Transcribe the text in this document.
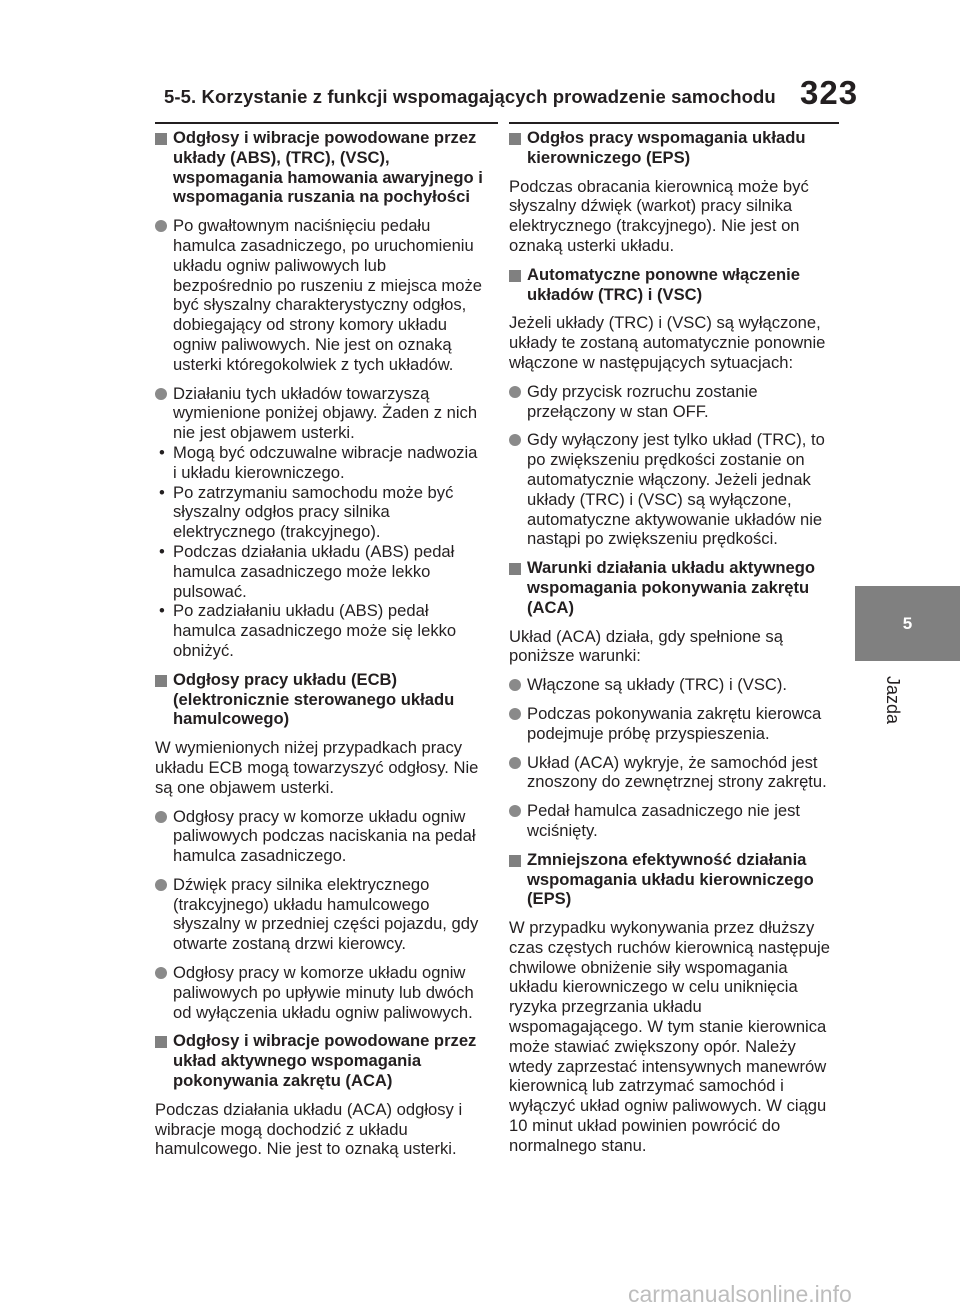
5-5. Korzystanie z funkcji wspomagających prowadzenie samochodu 323
5
Jazda
Odgłosy i wibracje powodowane przez układy (ABS), (TRC), (VSC), wspomagania hamowania awaryjnego i wspomagania ruszania na pochyłości
Po gwałtownym naciśnięciu pedału hamulca zasadniczego, po uruchomieniu układu ogniw paliwowych lub bezpośrednio po ruszeniu z miejsca może być słyszalny charakterystyczny odgłos, dobiegający od strony komory układu ogniw paliwowych. Nie jest on oznaką usterki któregokolwiek z tych układów.
Działaniu tych układów towarzyszą wymienione poniżej objawy. Żaden z nich nie jest objawem usterki.
• Mogą być odczuwalne wibracje nadwozia i układu kierowniczego.
• Po zatrzymaniu samochodu może być słyszalny odgłos pracy silnika elektrycznego (trakcyjnego).
• Podczas działania układu (ABS) pedał hamulca zasadniczego może lekko pulsować.
• Po zadziałaniu układu (ABS) pedał hamulca zasadniczego może się lekko obniżyć.
Odgłosy pracy układu (ECB) (elektronicznie sterowanego układu hamulcowego)
W wymienionych niżej przypadkach pracy układu ECB mogą towarzyszyć odgłosy. Nie są one objawem usterki.
Odgłosy pracy w komorze układu ogniw paliwowych podczas naciskania na pedał hamulca zasadniczego.
Dźwięk pracy silnika elektrycznego (trakcyjnego) układu hamulcowego słyszalny w przedniej części pojazdu, gdy otwarte zostaną drzwi kierowcy.
Odgłosy pracy w komorze układu ogniw paliwowych po upływie minuty lub dwóch od wyłączenia układu ogniw paliwowych.
Odgłosy i wibracje powodowane przez układ aktywnego wspomagania pokonywania zakrętu (ACA)
Podczas działania układu (ACA) odgłosy i wibracje mogą dochodzić z układu hamulcowego. Nie jest to oznaką usterki.
Odgłos pracy wspomagania układu kierowniczego (EPS)
Podczas obracania kierownicą może być słyszalny dźwięk (warkot) pracy silnika elektrycznego (trakcyjnego). Nie jest on oznaką usterki układu.
Automatyczne ponowne włączenie układów (TRC) i (VSC)
Jeżeli układy (TRC) i (VSC) są wyłączone, układy te zostaną automatycznie ponownie włączone w następujących sytuacjach:
Gdy przycisk rozruchu zostanie przełączony w stan OFF.
Gdy wyłączony jest tylko układ (TRC), to po zwiększeniu prędkości zostanie on automatycznie włączony. Jeżeli jednak układy (TRC) i (VSC) są wyłączone, automatyczne aktywowanie układów nie nastąpi po zwiększeniu prędkości.
Warunki działania układu aktywnego wspomagania pokonywania zakrętu (ACA)
Układ (ACA) działa, gdy spełnione są poniższe warunki:
Włączone są układy (TRC) i (VSC).
Podczas pokonywania zakrętu kierowca podejmuje próbę przyspieszenia.
Układ (ACA) wykryje, że samochód jest znoszony do zewnętrznej strony zakrętu.
Pedał hamulca zasadniczego nie jest wciśnięty.
Zmniejszona efektywność działania wspomagania układu kierowniczego (EPS)
W przypadku wykonywania przez dłuższy czas częstych ruchów kierownicą następuje chwilowe obniżenie siły wspomagania układu kierowniczego w celu uniknięcia ryzyka przegrzania układu wspomagającego. W tym stanie kierownica może stawiać zwiększony opór. Należy wtedy zaprzestać intensywnych manewrów kierownicą lub zatrzymać samochód i wyłączyć układ ogniw paliwowych. W ciągu 10 minut układ powinien powrócić do normalnego stanu.
carmanualsonline.info
